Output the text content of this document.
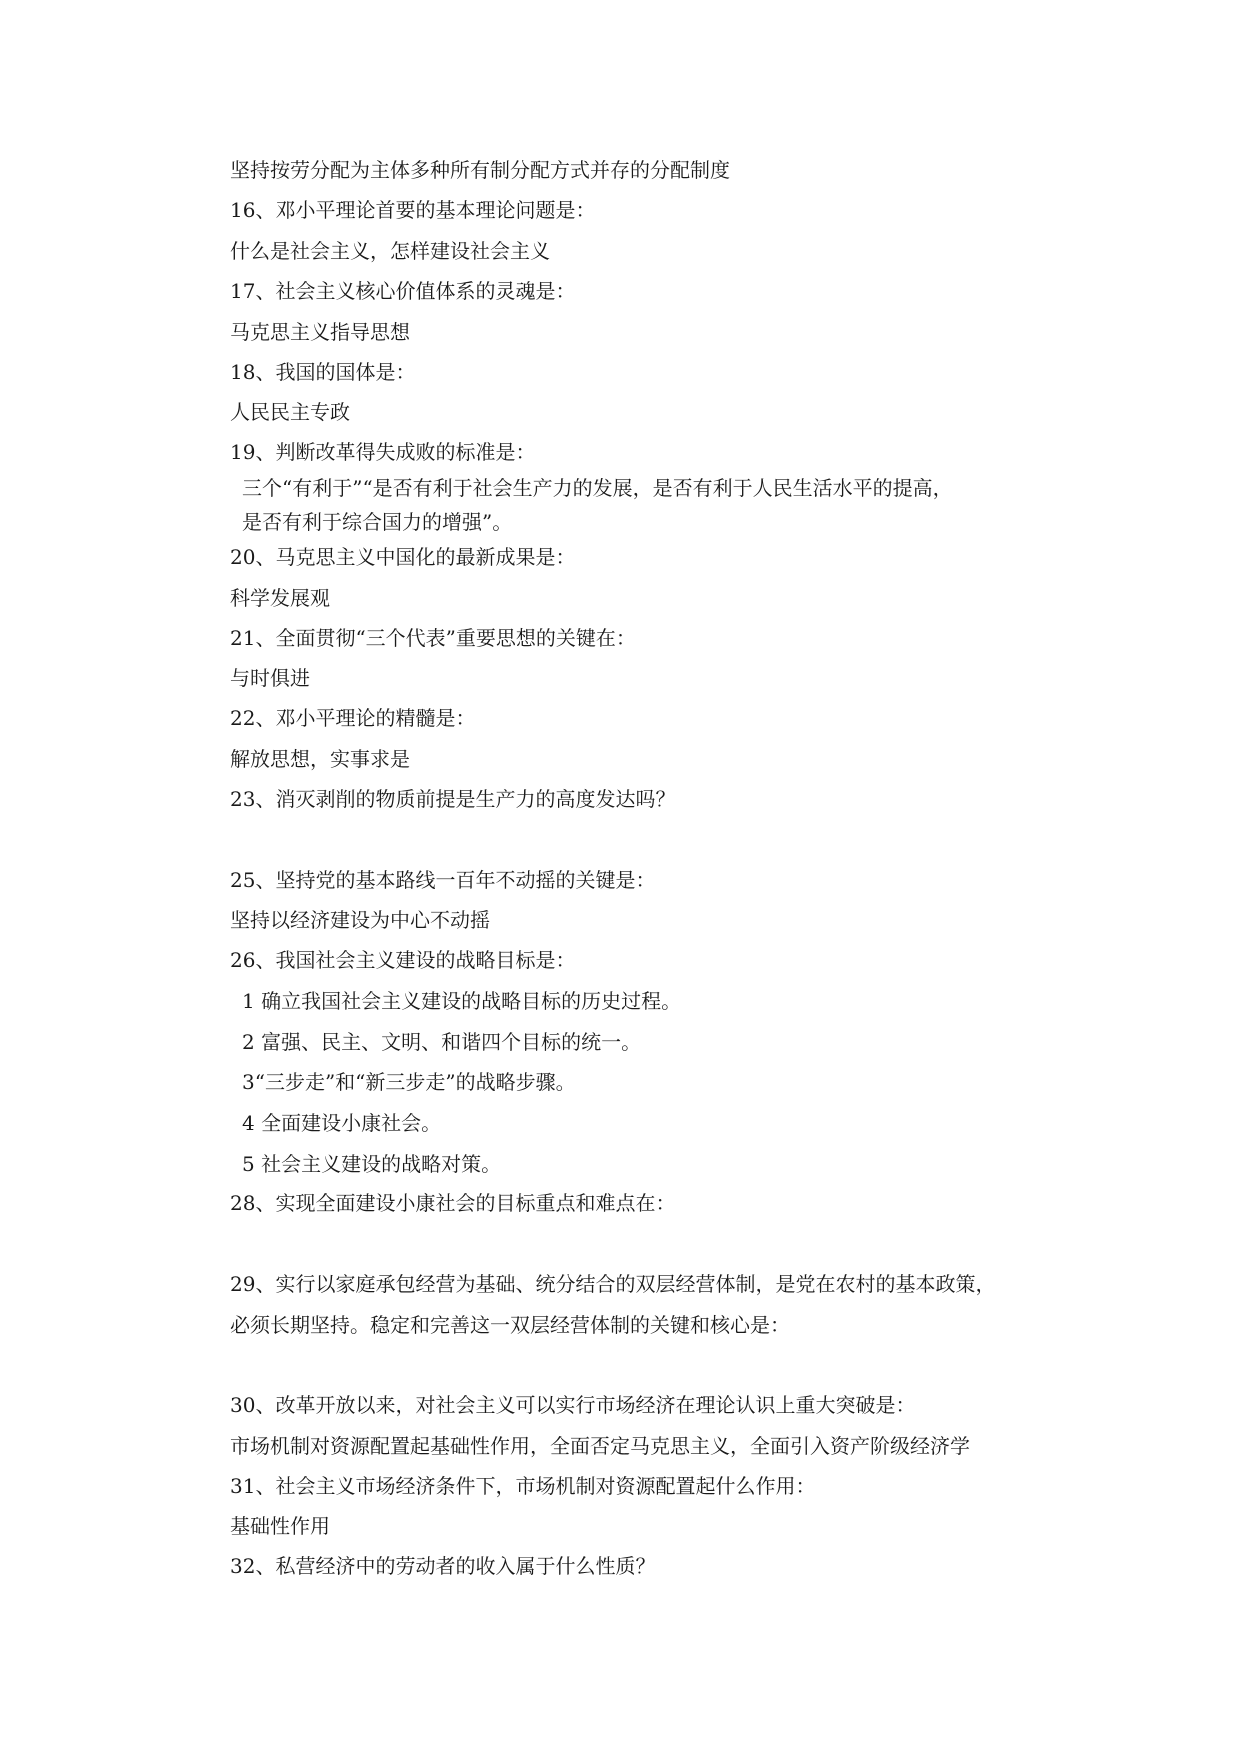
坚持按劳分配为主体多种所有制分配方式并存的分配制度

16、邓小平理论首要的基本理论问题是：

什么是社会主义，怎样建设社会主义

17、社会主义核心价值体系的灵魂是：

马克思主义指导思想

18、我国的国体是：

人民民主专政

19、判断改革得失成败的标准是：

三个“有利于”“是否有利于社会生产力的发展，是否有利于人民生活水平的提高，

是否有利于综合国力的增强”。

20、马克思主义中国化的最新成果是：

科学发展观

21、全面贯彻“三个代表”重要思想的关键在：

与时俱进

22、邓小平理论的精髓是：

解放思想，实事求是

23、消灭剥削的物质前提是生产力的高度发达吗？

25、坚持党的基本路线一百年不动摇的关键是：

坚持以经济建设为中心不动摇

26、我国社会主义建设的战略目标是：

1 确立我国社会主义建设的战略目标的历史过程。

2 富强、民主、文明、和谐四个目标的统一。

3“三步走”和“新三步走”的战略步骤。

4 全面建设小康社会。

5 社会主义建设的战略对策。

28、实现全面建设小康社会的目标重点和难点在：

29、实行以家庭承包经营为基础、统分结合的双层经营体制，是党在农村的基本政策，

必须长期坚持。稳定和完善这一双层经营体制的关键和核心是：

30、改革开放以来，对社会主义可以实行市场经济在理论认识上重大突破是：

市场机制对资源配置起基础性作用，全面否定马克思主义，全面引入资产阶级经济学

31、社会主义市场经济条件下，市场机制对资源配置起什么作用：

基础性作用

32、私营经济中的劳动者的收入属于什么性质？
